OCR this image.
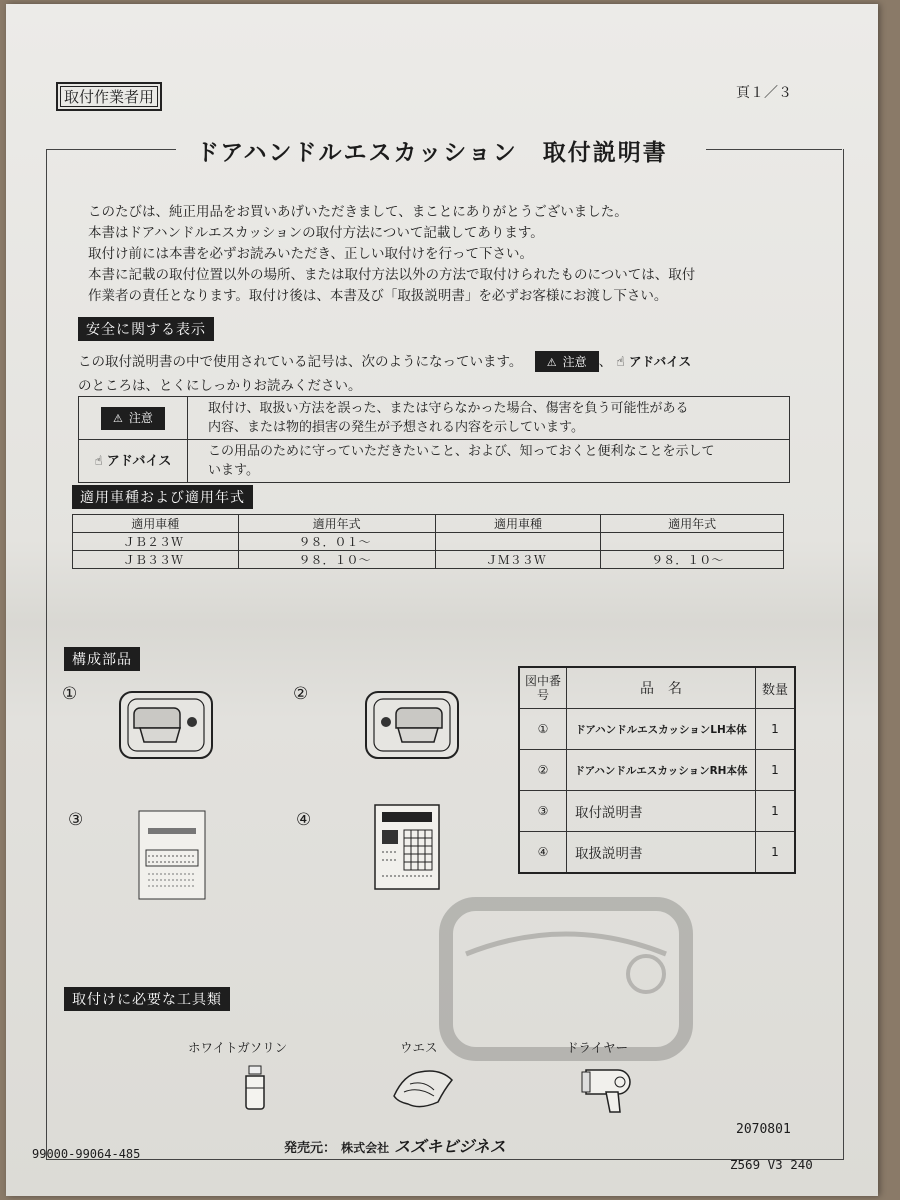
取付作業者用	頁１／３
ドアハンドルエスカッション　取付説明書
このたびは、純正用品をお買いあげいただきまして、まことにありがとうございました。
本書はドアハンドルエスカッションの取付方法について記載してあります。
取付け前には本書を必ずお読みいただき、正しい取付けを行って下さい。
本書に記載の取付位置以外の場所、または取付方法以外の方法で取付けられたものについては、取付
作業者の責任となります。取付け後は、本書及び「取扱説明書」を必ずお客様にお渡し下さい。
安全に関する表示
この取付説明書の中で使用されている記号は、次のようになっています。 ⚠ 注意 、 ☝ アドバイス
のところは、とくにしっかりお読みください。
⚠ 注意	取付け、取扱い方法を誤った、または守らなかった場合、傷害を負う可能性がある
内容、または物的損害の発生が予想される内容を示しています。

☝ アドバイス	この用品のために守っていただきたいこと、および、知っておくと便利なことを示して
います。
適用車種および適用年式
適用車種	適用年式	適用車種	適用年式
ＪＢ２３Ｗ	９８．０１〜		
ＪＢ３３Ｗ	９８．１０〜	ＪＭ３３Ｗ	９８．１０〜
構成部品
①	②
③	④
図中番号	品　名	数量
①	ドアハンドルエスカッションLH本体	1
②	ドアハンドルエスカッションRH本体	1
③	取付説明書	1
④	取扱説明書	1
取付けに必要な工具類
ホワイトガソリン	ウエス	ドライヤー
99000-99064-485	発売元： 株式会社 スズキビジネス
2070801
Z569 V3 240
